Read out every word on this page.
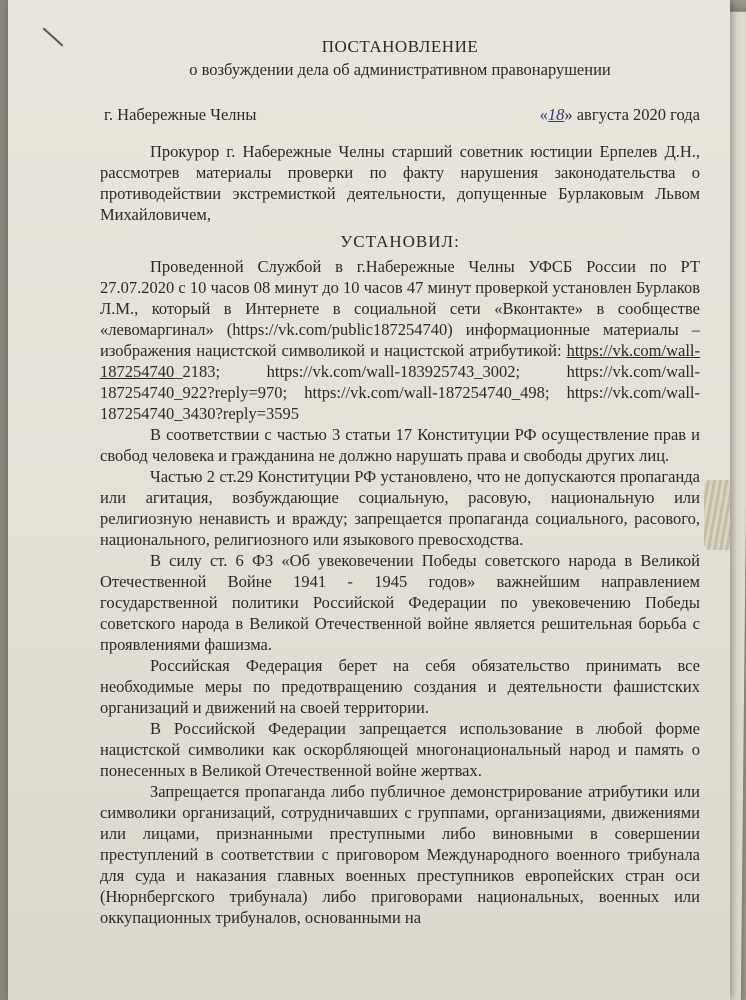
ПОСТАНОВЛЕНИЕ
о возбуждении дела об административном правонарушении
г. Набережные Челны	«18» августа 2020 года

Прокурор г. Набережные Челны старший советник юстиции Ерпелев Д.Н., рассмотрев материалы проверки по факту нарушения законодательства о противодействии экстремисткой деятельности, допущенные Бурлаковым Львом Михайловичем,

УСТАНОВИЛ:

Проведенной Службой в г.Набережные Челны УФСБ России по РТ 27.07.2020 с 10 часов 08 минут до 10 часов 47 минут проверкой установлен Бурлаков Л.М., который в Интернете в социальной сети «Вконтакте» в сообществе «левомаргинал» (https://vk.com/public187254740) информационные материалы – изображения нацистской символикой и нацистской атрибутикой: https://vk.com/wall-187254740_2183; https://vk.com/wall-183925743_3002; https://vk.com/wall-187254740_922?reply=970; https://vk.com/wall-187254740_498; https://vk.com/wall-187254740_3430?reply=3595

В соответствии с частью 3 статьи 17 Конституции РФ осуществление прав и свобод человека и гражданина не должно нарушать права и свободы других лиц.

Частью 2 ст.29 Конституции РФ установлено, что не допускаются пропаганда или агитация, возбуждающие социальную, расовую, национальную или религиозную ненависть и вражду; запрещается пропаганда социального, расового, национального, религиозного или языкового превосходства.

В силу ст. 6 ФЗ «Об увековечении Победы советского народа в Великой Отечественной Войне 1941 - 1945 годов» важнейшим направлением государственной политики Российской Федерации по увековечению Победы советского народа в Великой Отечественной войне является решительная борьба с проявлениями фашизма.

Российская Федерация берет на себя обязательство принимать все необходимые меры по предотвращению создания и деятельности фашистских организаций и движений на своей территории.

В Российской Федерации запрещается использование в любой форме нацистской символики как оскорбляющей многонациональный народ и память о понесенных в Великой Отечественной войне жертвах.

Запрещается пропаганда либо публичное демонстрирование атрибутики или символики организаций, сотрудничавших с группами, организациями, движениями или лицами, признанными преступными либо виновными в совершении преступлений в соответствии с приговором Международного военного трибунала для суда и наказания главных военных преступников европейских стран оси (Нюрнбергского трибунала) либо приговорами национальных, военных или оккупационных трибуналов, основанными на
